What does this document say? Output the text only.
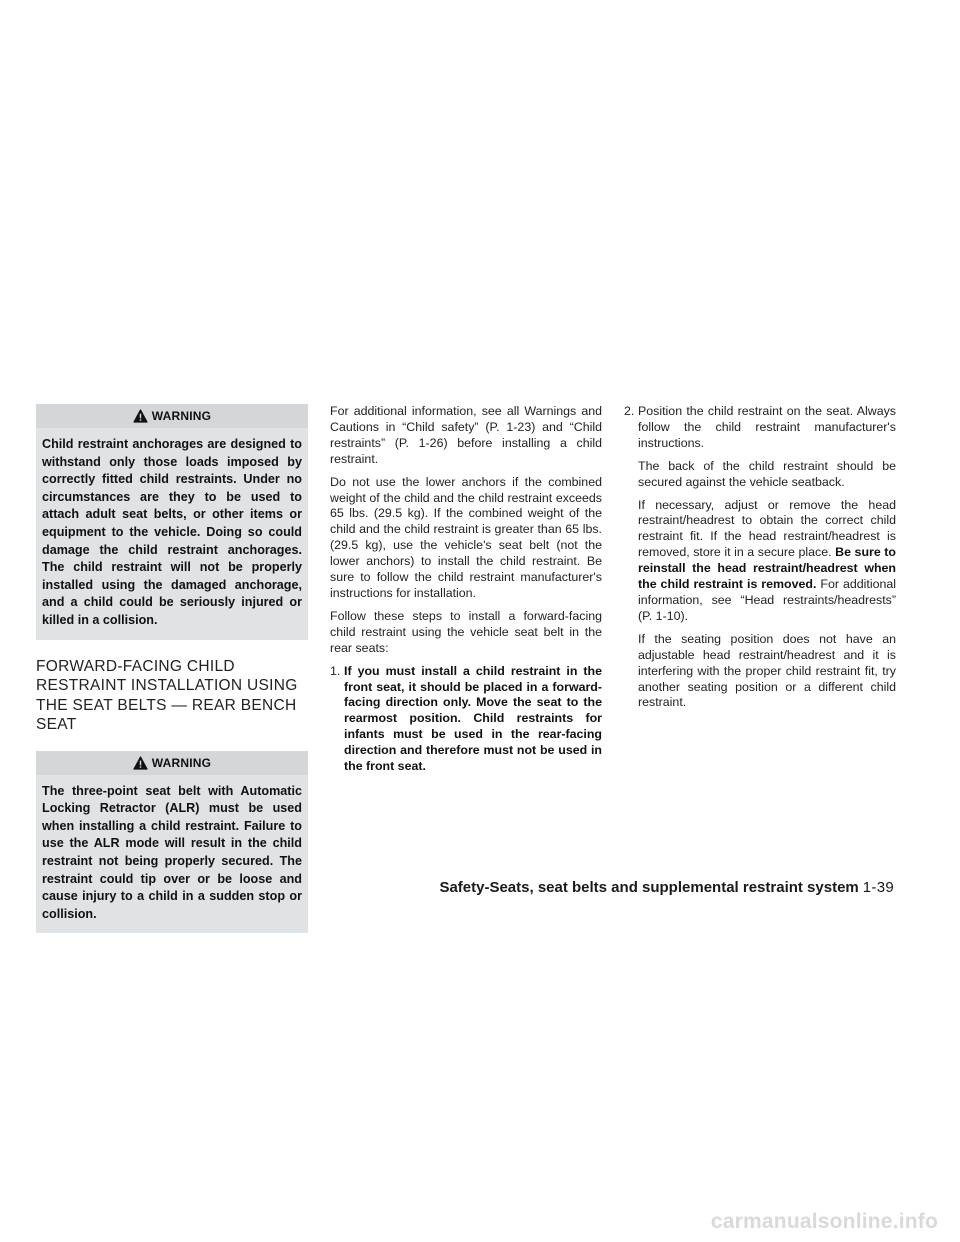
WARNING
Child restraint anchorages are designed to withstand only those loads imposed by correctly fitted child restraints. Under no circumstances are they to be used to attach adult seat belts, or other items or equipment to the vehicle. Doing so could damage the child restraint anchorages. The child restraint will not be properly installed using the damaged anchorage, and a child could be seriously injured or killed in a collision.
FORWARD-FACING CHILD RESTRAINT INSTALLATION USING THE SEAT BELTS — REAR BENCH SEAT
WARNING
The three-point seat belt with Automatic Locking Retractor (ALR) must be used when installing a child restraint. Failure to use the ALR mode will result in the child restraint not being properly secured. The restraint could tip over or be loose and cause injury to a child in a sudden stop or collision.

For additional information, see all Warnings and Cautions in “Child safety” (P. 1-23) and “Child restraints” (P. 1-26) before installing a child restraint.

Do not use the lower anchors if the combined weight of the child and the child restraint exceeds 65 lbs. (29.5 kg). If the combined weight of the child and the child restraint is greater than 65 lbs. (29.5 kg), use the vehicle's seat belt (not the lower anchors) to install the child restraint. Be sure to follow the child restraint manufacturer's instructions for installation.

Follow these steps to install a forward-facing child restraint using the vehicle seat belt in the rear seats:

1. If you must install a child restraint in the front seat, it should be placed in a forward-facing direction only. Move the seat to the rearmost position. Child restraints for infants must be used in the rear-facing direction and therefore must not be used in the front seat.
2. Position the child restraint on the seat. Always follow the child restraint manufacturer's instructions.

The back of the child restraint should be secured against the vehicle seatback.

If necessary, adjust or remove the head restraint/headrest to obtain the correct child restraint fit. If the head restraint/headrest is removed, store it in a secure place. Be sure to reinstall the head restraint/headrest when the child restraint is removed. For additional information, see “Head restraints/headrests” (P. 1-10).

If the seating position does not have an adjustable head restraint/headrest and it is interfering with the proper child restraint fit, try another seating position or a different child restraint.

Safety-Seats, seat belts and supplemental restraint system 1-39
carmanualsonline.info
